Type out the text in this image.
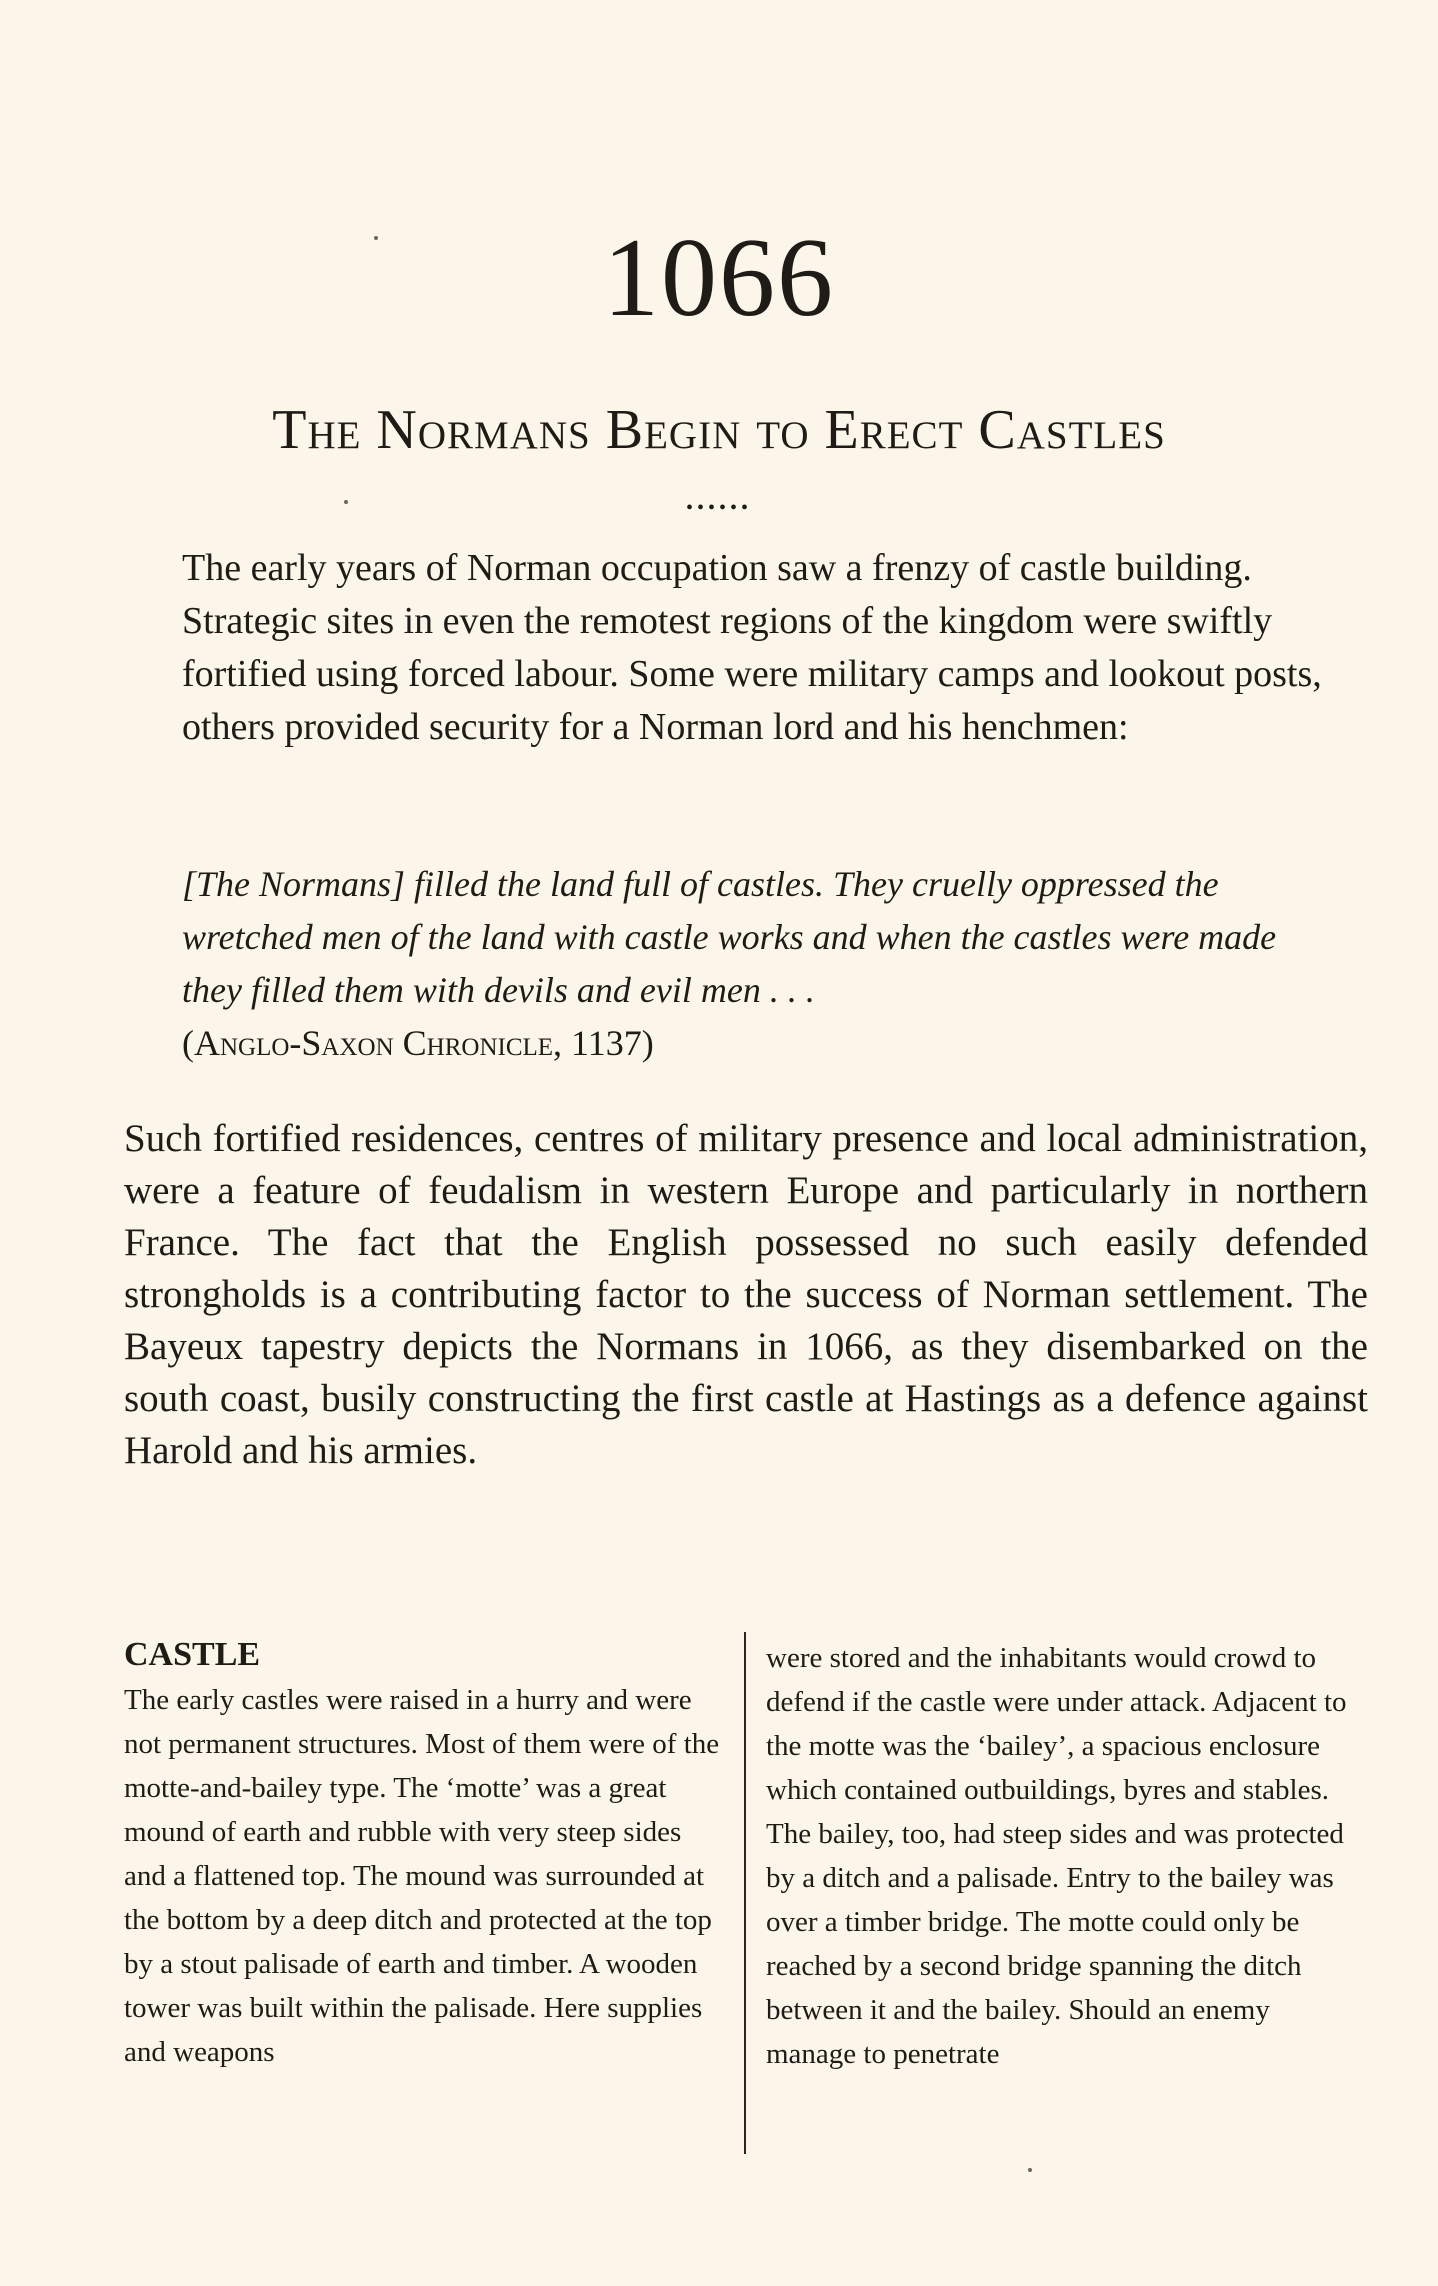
1066
The Normans Begin to Erect Castles
••••••

The early years of Norman occupation saw a frenzy of castle building. Strategic sites in even the remotest regions of the kingdom were swiftly fortified using forced labour. Some were military camps and lookout posts, others provided security for a Norman lord and his henchmen:

[The Normans] filled the land full of castles. They cruelly oppressed the wretched men of the land with castle works and when the castles were made they filled them with devils and evil men . . .

(Anglo-Saxon Chronicle, 1137)

Such fortified residences, centres of military presence and local administration, were a feature of feudalism in western Europe and particularly in northern France. The fact that the English possessed no such easily defended strongholds is a contributing factor to the success of Norman settlement. The Bayeux tapestry depicts the Normans in 1066, as they disembarked on the south coast, busily constructing the first castle at Hastings as a defence against Harold and his armies.

CASTLE

The early castles were raised in a hurry and were not permanent structures. Most of them were of the motte-and-bailey type. The ‘motte’ was a great mound of earth and rubble with very steep sides and a flattened top. The mound was surrounded at the bottom by a deep ditch and protected at the top by a stout palisade of earth and timber. A wooden tower was built within the palisade. Here supplies and weapons

were stored and the inhabitants would crowd to defend if the castle were under attack. Adjacent to the motte was the ‘bailey’, a spacious enclosure which contained outbuildings, byres and stables. The bailey, too, had steep sides and was protected by a ditch and a palisade. Entry to the bailey was over a timber bridge. The motte could only be reached by a second bridge spanning the ditch between it and the bailey. Should an enemy manage to penetrate
